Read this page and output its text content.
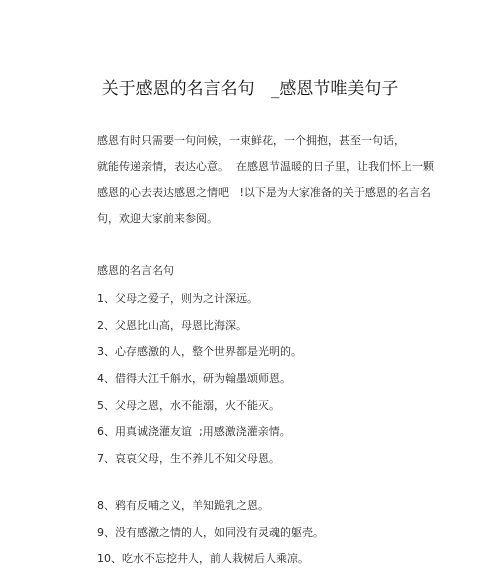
关于感恩的名言名句   _感恩节唯美句子
感恩有时只需要一句问候，一束鲜花，一个拥抱，甚至一句话，
就能传递亲情，表达心意。  在感恩节温暖的日子里，让我们怀上一颗
感恩的心去表达感恩之情吧   !以下是为大家准备的关于感恩的名言名
句，欢迎大家前来参阅。
感恩的名言名句
1、父母之爱子，则为之计深远。
2、父恩比山高，母恩比海深。
3、心存感激的人，整个世界都是光明的。
4、借得大江千斛水，研为翰墨颂师恩。
5、父母之恩，水不能溺，火不能灭。
6、用真诚浇灌友谊  ;用感激浇灌亲情。
7、哀哀父母，生不养儿不知父母恩。
8、鸦有反哺之义，羊知跪乳之恩。
9、没有感激之情的人，如同没有灵魂的躯壳。
10、吃水不忘挖井人，前人栽树后人乘凉。
